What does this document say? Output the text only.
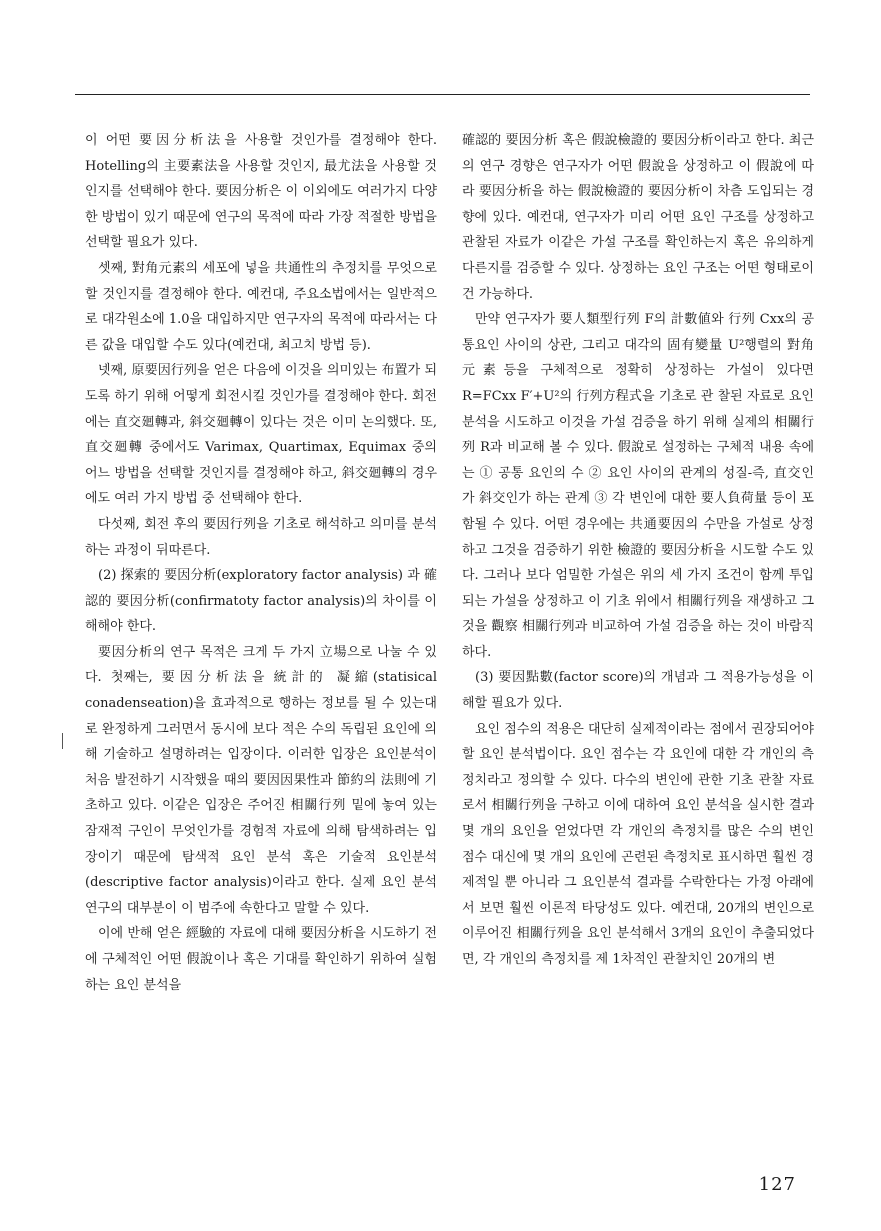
이 어떤 要因分析法을 사용할 것인가를 결정해야 한다. Hotelling의 主要素法을 사용할 것인지, 最尤法을 사용할 것인지를 선택해야 한다. 要因分析은 이 이외에도 여러가지 다양한 방법이 있기 때문에 연구의 목적에 따라 가장 적절한 방법을 선택할 필요가 있다.

셋째, 對角元素의 세포에 넣을 共通性의 추정치를 무엇으로 할 것인지를 결정해야 한다. 예컨대, 주요소법에서는 일반적으로 대각원소에 1.0을 대입하지만 연구자의 목적에 따라서는 다른 값을 대입할 수도 있다(예컨대, 최고치 방법 등).

넷째, 原要因行列을 얻은 다음에 이것을 의미있는 布置가 되도록 하기 위해 어떻게 회전시킬 것인가를 결정해야 한다. 회전에는 直交廻轉과, 斜交廻轉이 있다는 것은 이미 논의했다. 또, 直交廻轉 중에서도 Varimax, Quartimax, Equimax 중의 어느 방법을 선택할 것인지를 결정해야 하고, 斜交廻轉의 경우에도 여러 가지 방법 중 선택해야 한다.

다섯째, 회전 후의 要因行列을 기초로 해석하고 의미를 분석하는 과정이 뒤따른다.

(2) 探索的 要因分析(exploratory factor analysis) 과 確認的 要因分析(confirmatoty factor analysis)의 차이를 이해해야 한다.

要因分析의 연구 목적은 크게 두 가지 立場으로 나눌 수 있다. 첫째는, 要因分析法을 統計的 凝縮(statisical conadenseation)을 효과적으로 행하는 정보를 될 수 있는대로 완정하게 그러면서 동시에 보다 적은 수의 독립된 요인에 의해 기술하고 설명하려는 입장이다. 이러한 입장은 요인분석이 처음 발전하기 시작했을 때의 要因因果性과 節約의 法則에 기초하고 있다. 이같은 입장은 주어진 相關行列 밑에 놓여 있는 잠재적 구인이 무엇인가를 경험적 자료에 의해 탐색하려는 입장이기 때문에 탐색적 요인 분석 혹은 기술적 요인분석(descriptive factor analysis)이라고 한다. 실제 요인 분석 연구의 대부분이 이 범주에 속한다고 말할 수 있다.

이에 반해 얻은 經驗的 자료에 대해 要因分析을 시도하기 전에 구체적인 어떤 假說이나 혹은 기대를 확인하기 위하여 실험하는 요인 분석을

確認的 要因分析 혹은 假說檢證的 要因分析이라고 한다. 최근의 연구 경향은 연구자가 어떤 假說을 상정하고 이 假說에 따라 要因分析을 하는 假說檢證的 要因分析이 차츰 도입되는 경향에 있다. 예컨대, 연구자가 미리 어떤 요인 구조를 상정하고 관찰된 자료가 이같은 가설 구조를 확인하는지 혹은 유의하게 다른지를 검증할 수 있다. 상정하는 요인 구조는 어떤 형태로이건 가능하다.

만약 연구자가 要人類型行列 F의 計數値와 行列 Cxx의 공통요인 사이의 상관, 그리고 대각의 固有變量 U²행렬의 對角元素등을 구체적으로 정확히 상정하는 가설이 있다면 R=FCxx F′+U²의 行列方程式을 기초로 관 찰된 자료로 요인분석을 시도하고 이것을 가설 검증을 하기 위해 실제의 相關行列 R과 비교해 볼 수 있다. 假說로 설정하는 구체적 내용 속에는 ① 공통 요인의 수 ② 요인 사이의 관계의 성질-즉, 直交인가 斜交인가 하는 관계 ③ 각 변인에 대한 要人負荷量 등이 포함될 수 있다. 어떤 경우에는 共通要因의 수만을 가설로 상정하고 그것을 검증하기 위한 檢證的 要因分析을 시도할 수도 있다. 그러나 보다 엄밀한 가설은 위의 세 가지 조건이 함께 투입되는 가설을 상정하고 이 기초 위에서 相關行列을 재생하고 그것을 觀察 相關行列과 비교하여 가설 검증을 하는 것이 바람직하다.

(3) 要因點數(factor score)의 개념과 그 적용가능성을 이해할 필요가 있다.

요인 점수의 적용은 대단히 실제적이라는 점에서 권장되어야 할 요인 분석법이다. 요인 점수는 각 요인에 대한 각 개인의 측정치라고 정의할 수 있다. 다수의 변인에 관한 기초 관찰 자료로서 相關行列을 구하고 이에 대하여 요인 분석을 실시한 결과 몇 개의 요인을 얻었다면 각 개인의 측정치를 많은 수의 변인 점수 대신에 몇 개의 요인에 곤련된 측정치로 표시하면 훨씬 경제적일 뿐 아니라 그 요인분석 결과를 수락한다는 가정 아래에서 보면 훨씬 이론적 타당성도 있다. 예컨대, 20개의 변인으로 이루어진 相關行列을 요인 분석해서 3개의 요인이 추출되었다면, 각 개인의 측정치를 제 1차적인 관찰치인 20개의 변

127
